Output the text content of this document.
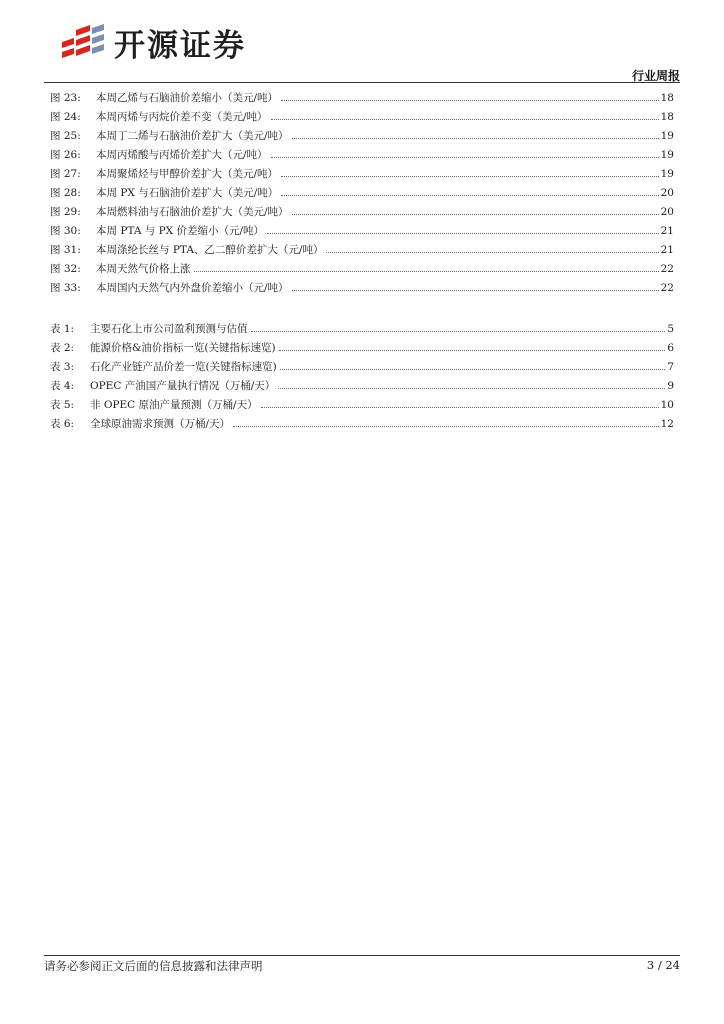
开源证券
行业周报
图 23:	本周乙烯与石脑油价差缩小（美元/吨）	18
图 24:	本周丙烯与丙烷价差不变（美元/吨）	18
图 25:	本周丁二烯与石脑油价差扩大（美元/吨）	19
图 26:	本周丙烯酸与丙烯价差扩大（元/吨）	19
图 27:	本周聚烯烃与甲醇价差扩大（美元/吨）	19
图 28:	本周 PX 与石脑油价差扩大（美元/吨）	20
图 29:	本周燃料油与石脑油价差扩大（美元/吨）	20
图 30:	本周 PTA 与 PX 价差缩小（元/吨）	21
图 31:	本周涤纶长丝与 PTA、乙二醇价差扩大（元/吨）	21
图 32:	本周天然气价格上涨	22
图 33:	本周国内天然气内外盘价差缩小（元/吨）	22
表 1:	主要石化上市公司盈利预测与估值	5
表 2:	能源价格&油价指标一览(关键指标速览)	6
表 3:	石化产业链产品价差一览(关键指标速览)	7
表 4:	OPEC 产油国产量执行情况（万桶/天）	9
表 5:	非 OPEC 原油产量预测（万桶/天）	10
表 6:	全球原油需求预测（万桶/天）	12
请务必参阅正文后面的信息披露和法律声明	3 / 24
